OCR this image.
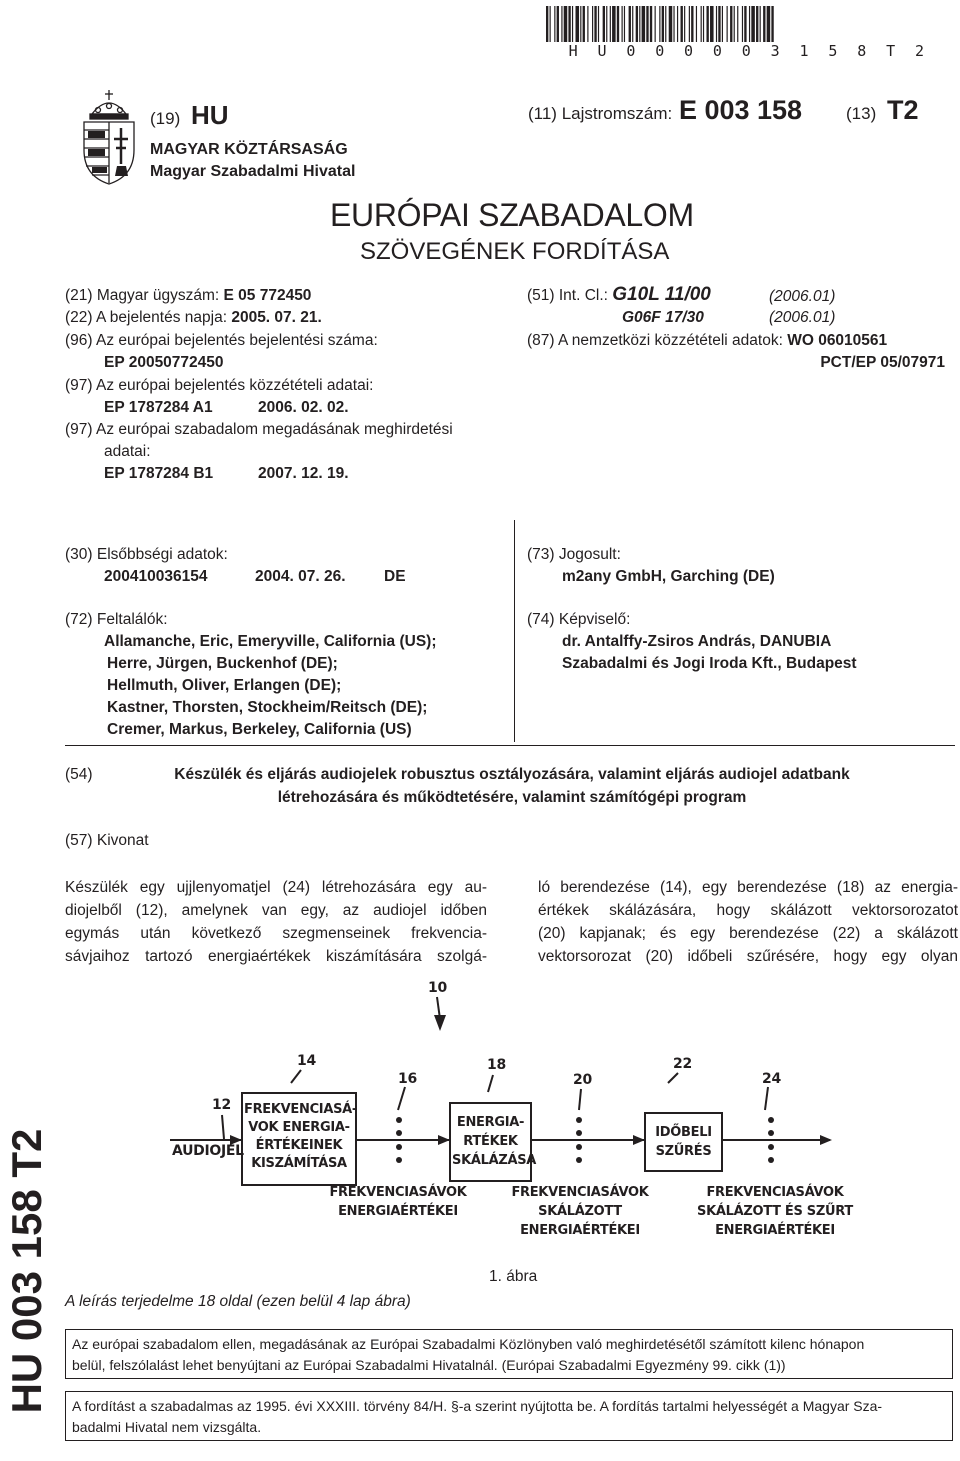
H U 0 0 0 0 0 3 1 5 8 T 2
(19) HU
MAGYAR KÖZTÁRSASÁG
Magyar Szabadalmi Hivatal
(11) Lajstromszám: E 003 158	(13) T2
EURÓPAI SZABADALOM
SZÖVEGÉNEK FORDÍTÁSA
(21) Magyar ügyszám: E 05 772450
(22) A bejelentés napja: 2005. 07. 21.
(96) Az európai bejelentés bejelentési száma:
EP 20050772450
(97) Az európai bejelentés közzétételi adatai:
EP 1787284 A1	2006. 02. 02.
(97) Az európai szabadalom megadásának meghirdetési
adatai:
EP 1787284 B1	2007. 12. 19.
(51) Int. Cl.: G10L 11/00	(2006.01)
G06F 17/30	(2006.01)
(87) A nemzetközi közzétételi adatok: WO 06010561
PCT/EP 05/07971
(30) Elsőbbségi adatok:
200410036154	2004. 07. 26. DE
(72) Feltalálók:
Allamanche, Eric, Emeryville, California (US);
Herre, Jürgen, Buckenhof (DE);
Hellmuth, Oliver, Erlangen (DE);
Kastner, Thorsten, Stockheim/Reitsch (DE);
Cremer, Markus, Berkeley, California (US)
(73) Jogosult:
m2any GmbH, Garching (DE)
(74) Képviselő:
dr. Antalffy-Zsiros András, DANUBIA
Szabadalmi és Jogi Iroda Kft., Budapest
(54)	Készülék és eljárás audiojelek robusztus osztályozására, valamint eljárás audiojel adatbank
létrehozására és működtetésére, valamint számítógépi program
(57) Kivonat
Készülék egy ujjlenyomatjel (24) létrehozására egy au-
diojelből (12), amelynek van egy, az audiojel időben
egymás után következő szegmenseinek frekvencia-
sávjaihoz tartozó energiaértékek kiszámítására szolgá-
ló berendezése (14), egy berendezése (18) az energia-
értékek skálázására, hogy skálázott vektorsorozatot
(20) kapjanak; és egy berendezése (22) a skálázott
vektorsorozat (20) időbeli szűrésére, hogy egy olyan
10
12
14
16
18
20
22
24
AUDIOJEL
FREKVENCIASÁ-
VOK ENERGIA-
ÉRTÉKEINEK
KISZÁMÍTÁSA
ENERGIA-
RTÉKEK
SKÁLÁZÁSA
IDŐBELI
SZŰRÉS
FREKVENCIASÁVOK
ENERGIAÉRTÉKEI
FREKVENCIASÁVOK
SKÁLÁZOTT
ENERGIAÉRTÉKEI
FREKVENCIASÁVOK
SKÁLÁZOTT ÉS SZŰRT
ENERGIAÉRTÉKEI
1. ábra
A leírás terjedelme 18 oldal (ezen belül 4 lap ábra)
HU 003 158 T2 Az európai szabadalom ellen, megadásának az Európai Szabadalmi Közlönyben való meghirdetésétől számított kilenc hónapon
belül, felszólalást lehet benyújtani az Európai Szabadalmi Hivatalnál. (Európai Szabadalmi Egyezmény 99. cikk (1))
A fordítást a szabadalmas az 1995. évi XXXIII. törvény 84/H. §-a szerint nyújtotta be. A fordítás tartalmi helyességét a Magyar Sza-
badalmi Hivatal nem vizsgálta.
